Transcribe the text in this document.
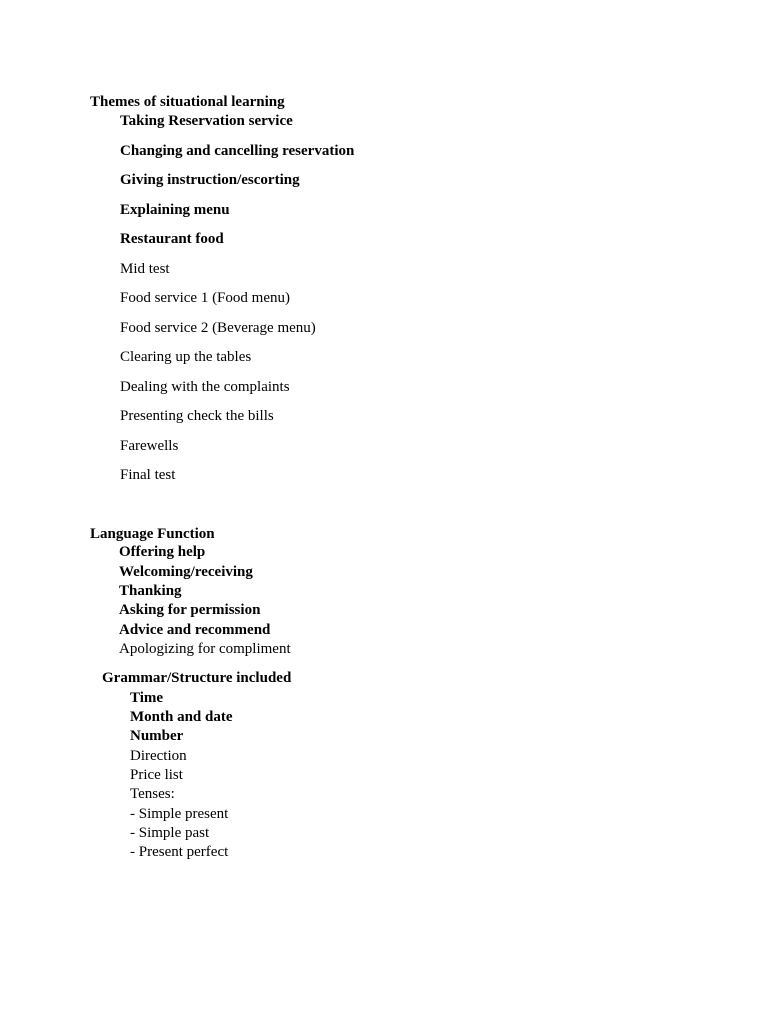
Themes of situational learning
Taking Reservation service
Changing and cancelling reservation
Giving instruction/escorting
Explaining menu
Restaurant food
Mid test
Food service 1 (Food menu)
Food service 2 (Beverage menu)
Clearing up the tables
Dealing with the complaints
Presenting check the bills
Farewells
Final test
Language Function
Offering help
Welcoming/receiving
Thanking
Asking for permission
Advice and recommend
Apologizing for compliment
Grammar/Structure included
Time
Month and date
Number
Direction
Price list
Tenses:
- Simple present
- Simple past
- Present perfect
